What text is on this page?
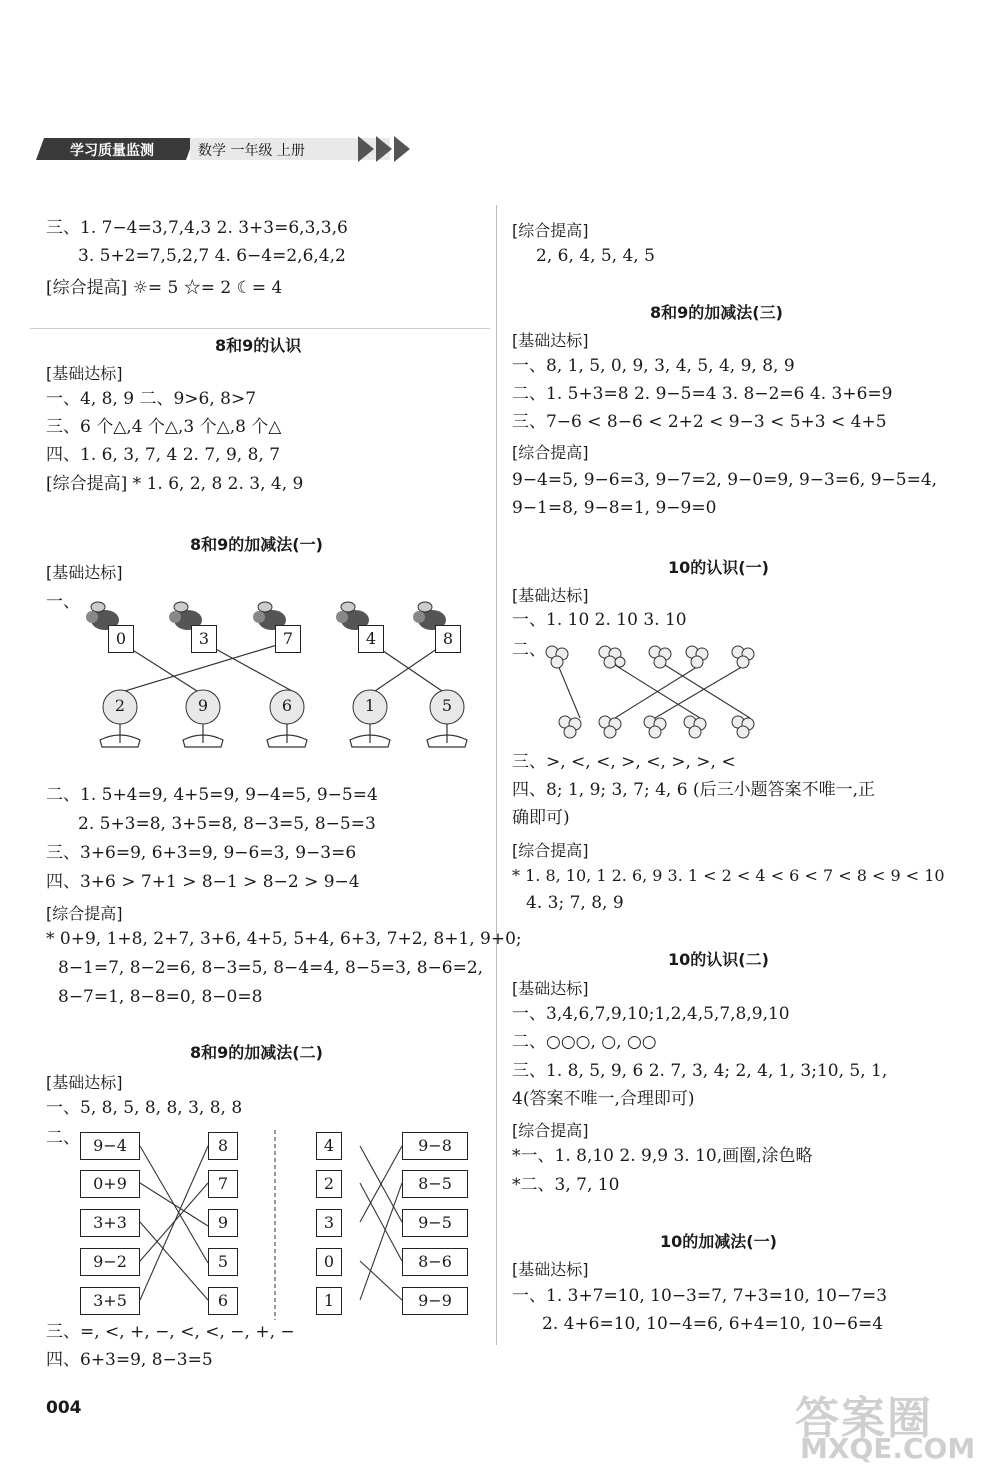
学习质量监测	数学 一年级 上册
三、1. 7−4=3,7,4,3 2. 3+3=6,3,3,6
3. 5+2=7,5,2,7 4. 6−4=2,6,4,2
[综合提高] ☼= 5 ☆= 2 ☾= 4
8和9的认识
[基础达标]
一、4, 8, 9 二、9>6, 8>7
三、6 个△,4 个△,3 个△,8 个△
四、1. 6, 3, 7, 4 2. 7, 9, 8, 7
[综合提高] * 1. 6, 2, 8 2. 3, 4, 9
8和9的加减法(一)
[基础达标]
一、
0	3	7	4	8
2	9	6	1	5
二、1. 5+4=9, 4+5=9, 9−4=5, 9−5=4
2. 5+3=8, 3+5=8, 8−3=5, 8−5=3
三、3+6=9, 6+3=9, 9−6=3, 9−3=6
四、3+6 > 7+1 > 8−1 > 8−2 > 9−4
[综合提高]
* 0+9, 1+8, 2+7, 3+6, 4+5, 5+4, 6+3, 7+2, 8+1, 9+0;
8−1=7, 8−2=6, 8−3=5, 8−4=4, 8−5=3, 8−6=2,
8−7=1, 8−8=0, 8−0=8
8和9的加减法(二)
[基础达标]
一、5, 8, 5, 8, 8, 3, 8, 8
二、 9−4
0+9
3+3
9−2
3+5
8
7
9
5
6
4
2
3
0
1
9−8
8−5
9−5
8−6
9−9
三、=, <, +, −, <, <, −, +, −
四、6+3=9, 8−3=5
[综合提高]
2, 6, 4, 5, 4, 5
8和9的加减法(三)
[基础达标]
一、8, 1, 5, 0, 9, 3, 4, 5, 4, 9, 8, 9
二、1. 5+3=8 2. 9−5=4 3. 8−2=6 4. 3+6=9
三、7−6 < 8−6 < 2+2 < 9−3 < 5+3 < 4+5
[综合提高]
9−4=5, 9−6=3, 9−7=2, 9−0=9, 9−3=6, 9−5=4,
9−1=8, 9−8=1, 9−9=0
10的认识(一)
[基础达标]
一、1. 10 2. 10 3. 10
二、
三、>, <, <, >, <, >, >, <
四、8; 1, 9; 3, 7; 4, 6 (后三小题答案不唯一,正
确即可)
[综合提高]
* 1. 8, 10, 1 2. 6, 9 3. 1 < 2 < 4 < 6 < 7 < 8 < 9 < 10
4. 3; 7, 8, 9
10的认识(二)
[基础达标]
一、3,4,6,7,9,10;1,2,4,5,7,8,9,10
二、○○○, ○, ○○
三、1. 8, 5, 9, 6 2. 7, 3, 4; 2, 4, 1, 3;10, 5, 1,
4(答案不唯一,合理即可)
[综合提高]
*一、1. 8,10 2. 9,9 3. 10,画圈,涂色略
*二、3, 7, 10
10的加减法(一)
[基础达标]
一、1. 3+7=10, 10−3=7, 7+3=10, 10−7=3
2. 4+6=10, 10−4=6, 6+4=10, 10−6=4
004	答案圈
MXQE.COM
